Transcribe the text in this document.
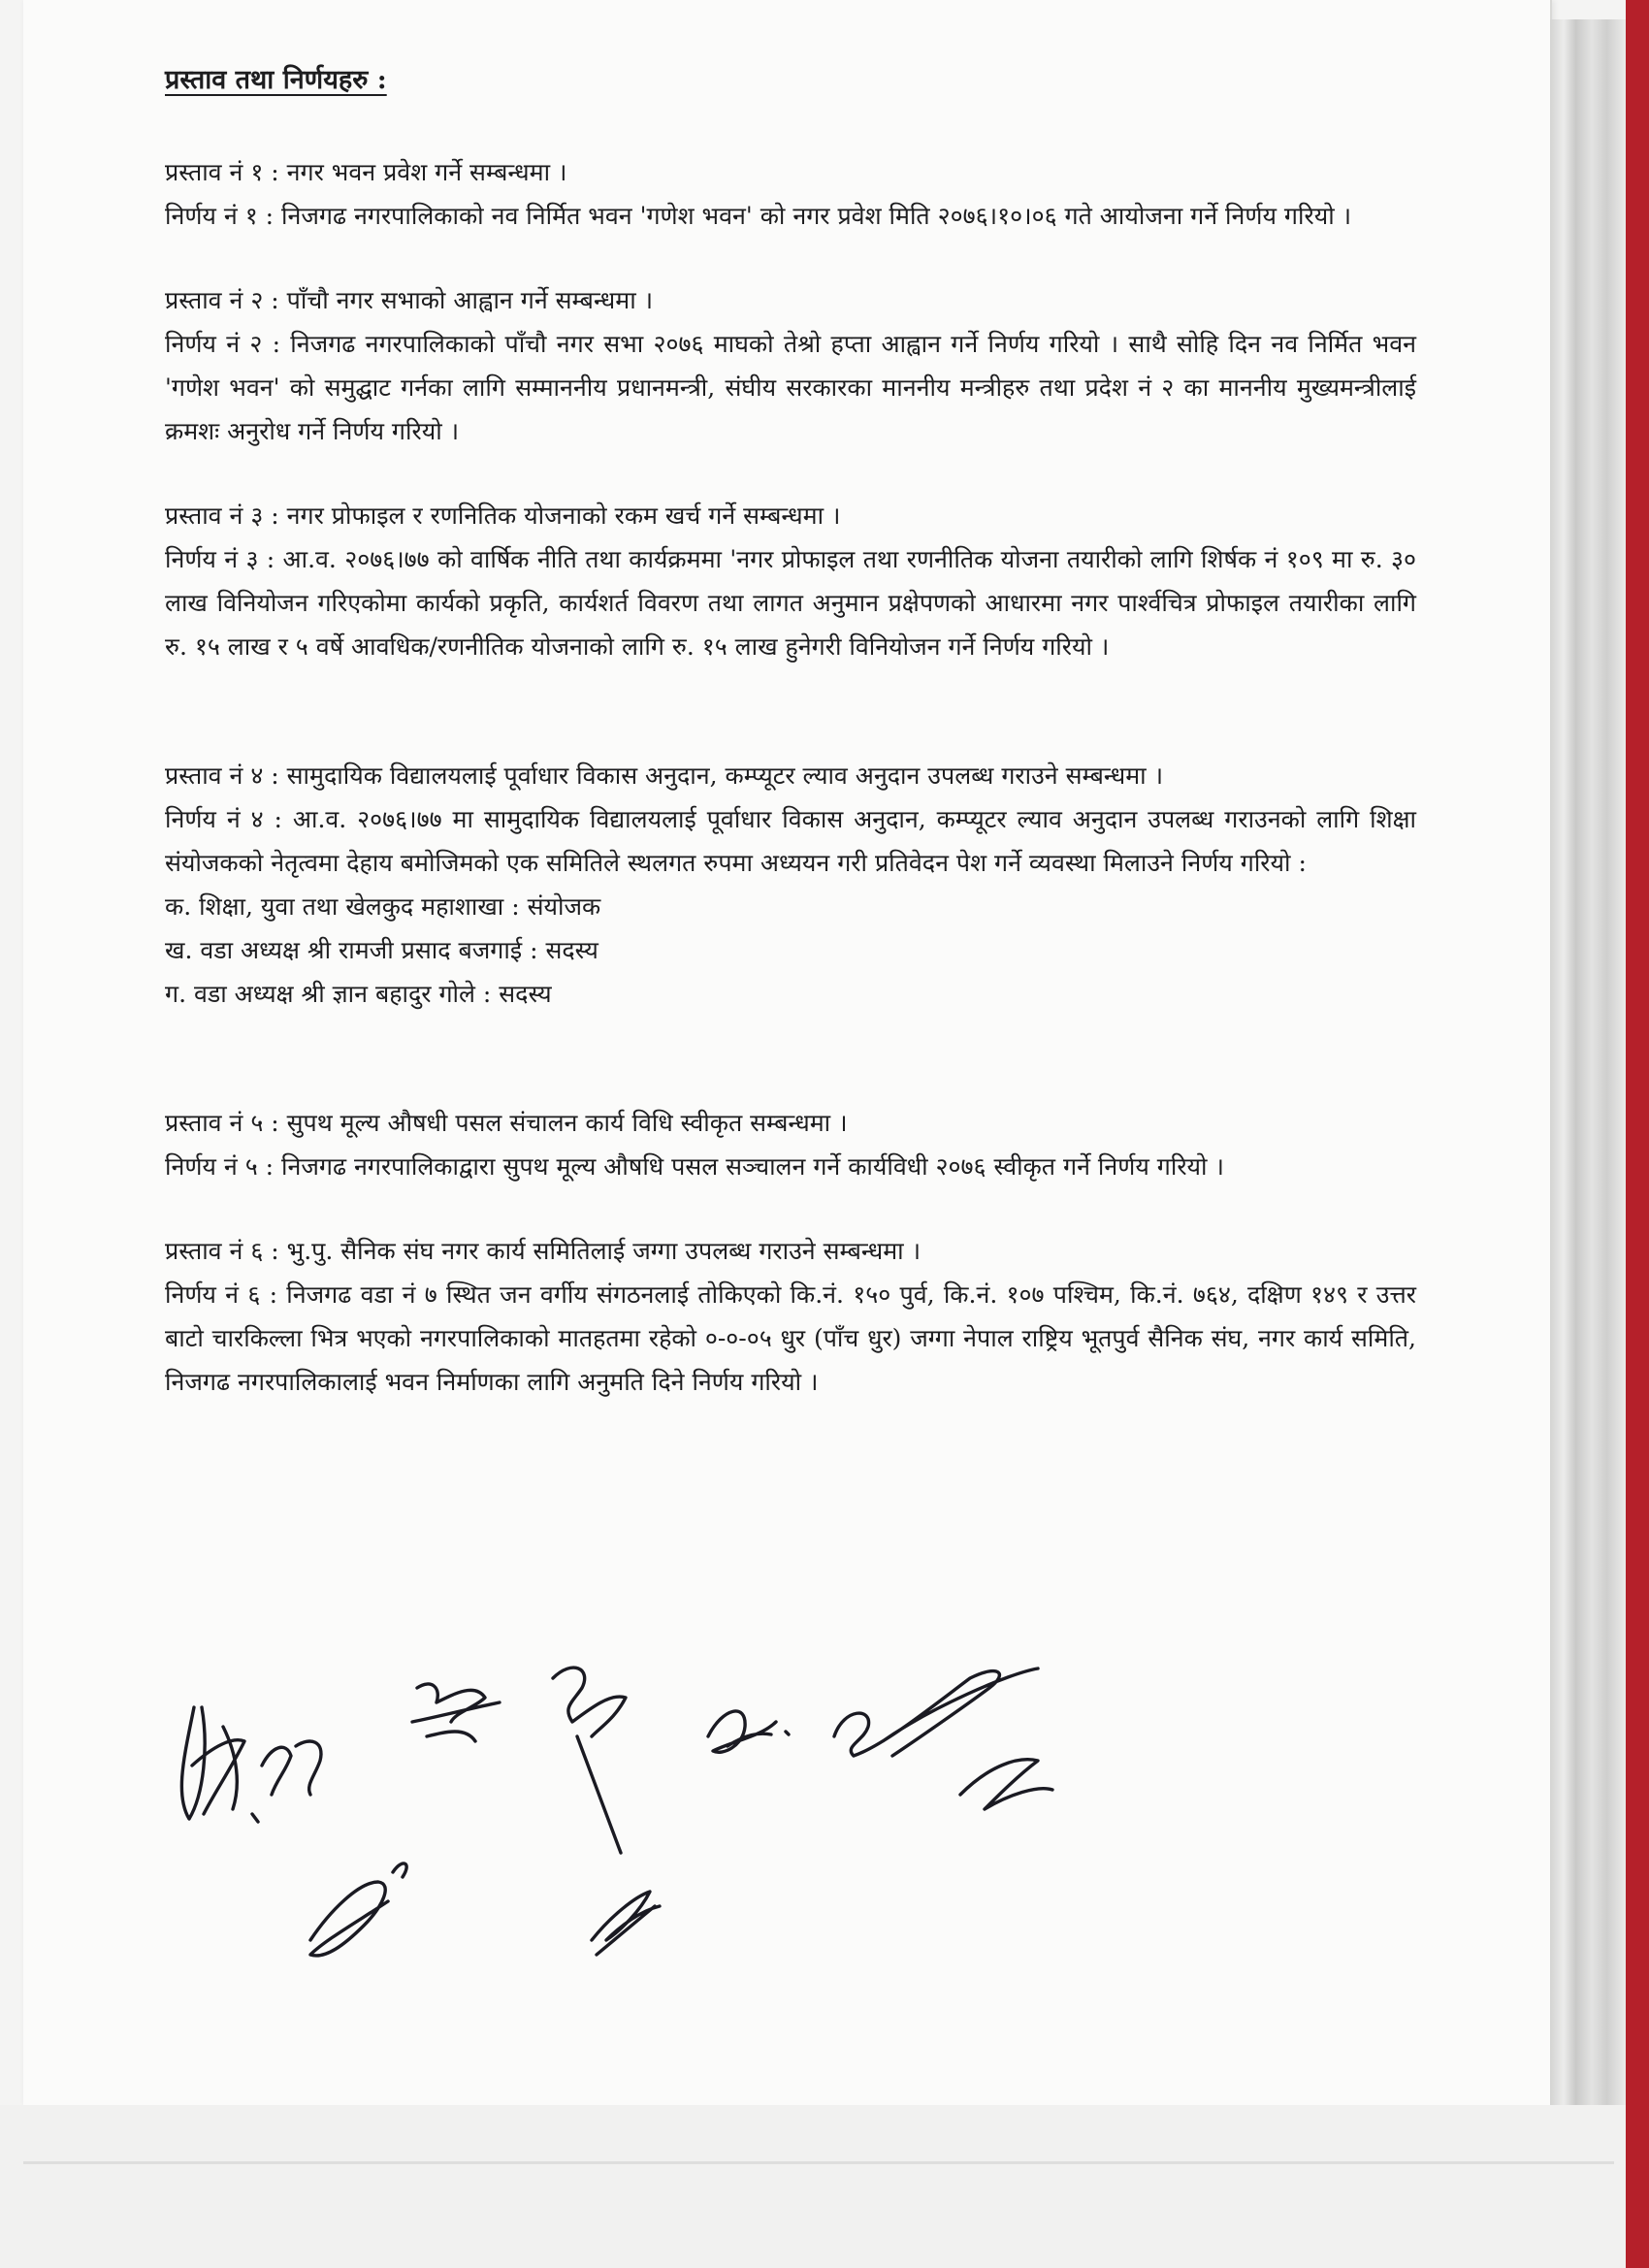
प्रस्ताव तथा निर्णयहरु :

प्रस्ताव नं १ : नगर भवन प्रवेश गर्ने सम्बन्धमा ।

निर्णय नं १ : निजगढ नगरपालिकाको नव निर्मित भवन 'गणेश भवन' को नगर प्रवेश मिति २०७६।१०।०६ गते आयोजना गर्ने निर्णय गरियो ।

प्रस्ताव नं २ : पाँचौ नगर सभाको आह्वान गर्ने सम्बन्धमा ।

निर्णय नं २ : निजगढ नगरपालिकाको पाँचौ नगर सभा २०७६ माघको तेश्रो हप्ता आह्वान गर्ने निर्णय गरियो । साथै सोहि दिन नव निर्मित भवन 'गणेश भवन' को समुद्घाट गर्नका लागि सम्माननीय प्रधानमन्त्री, संघीय सरकारका माननीय मन्त्रीहरु तथा प्रदेश नं २ का माननीय मुख्यमन्त्रीलाई क्रमशः अनुरोध गर्ने निर्णय गरियो ।

प्रस्ताव नं ३ : नगर प्रोफाइल र रणनितिक योजनाको रकम खर्च गर्ने सम्बन्धमा ।

निर्णय नं ३ : आ.व. २०७६।७७ को वार्षिक नीति तथा कार्यक्रममा 'नगर प्रोफाइल तथा रणनीतिक योजना तयारीको लागि शिर्षक नं १०९ मा रु. ३० लाख विनियोजन गरिएकोमा कार्यको प्रकृति, कार्यशर्त विवरण तथा लागत अनुमान प्रक्षेपणको आधारमा नगर पार्श्वचित्र प्रोफाइल तयारीका लागि रु. १५ लाख र ५ वर्षे आवधिक/रणनीतिक योजनाको लागि रु. १५ लाख हुनेगरी विनियोजन गर्ने निर्णय गरियो ।

प्रस्ताव नं ४ : सामुदायिक विद्यालयलाई पूर्वाधार विकास अनुदान, कम्प्यूटर ल्याव अनुदान उपलब्ध गराउने सम्बन्धमा ।

निर्णय नं ४ : आ.व. २०७६।७७ मा सामुदायिक विद्यालयलाई पूर्वाधार विकास अनुदान, कम्प्यूटर ल्याव अनुदान उपलब्ध गराउनको लागि शिक्षा संयोजकको नेतृत्वमा देहाय बमोजिमको एक समितिले स्थलगत रुपमा अध्ययन गरी प्रतिवेदन पेश गर्ने व्यवस्था मिलाउने निर्णय गरियो :

क. शिक्षा, युवा तथा खेलकुद महाशाखा : संयोजक

ख. वडा अध्यक्ष श्री रामजी प्रसाद बजगाई : सदस्य

ग. वडा अध्यक्ष श्री ज्ञान बहादुर गोले : सदस्य

प्रस्ताव नं ५ : सुपथ मूल्य औषधी पसल संचालन कार्य विधि स्वीकृत सम्बन्धमा ।

निर्णय नं ५ : निजगढ नगरपालिकाद्वारा सुपथ मूल्य औषधि पसल सञ्चालन गर्ने कार्यविधी २०७६ स्वीकृत गर्ने निर्णय गरियो ।

प्रस्ताव नं ६ : भु.पु. सैनिक संघ नगर कार्य समितिलाई जग्गा उपलब्ध गराउने सम्बन्धमा ।

निर्णय नं ६ : निजगढ वडा नं ७ स्थित जन वर्गीय संगठनलाई तोकिएको कि.नं. १५० पुर्व, कि.नं. १०७ पश्चिम, कि.नं. ७६४, दक्षिण १४९ र उत्तर बाटो चारकिल्ला भित्र भएको नगरपालिकाको मातहतमा रहेको ०-०-०५ धुर (पाँच धुर) जग्गा नेपाल राष्ट्रिय भूतपुर्व सैनिक संघ, नगर कार्य समिति, निजगढ नगरपालिकालाई भवन निर्माणका लागि अनुमति दिने निर्णय गरियो ।
